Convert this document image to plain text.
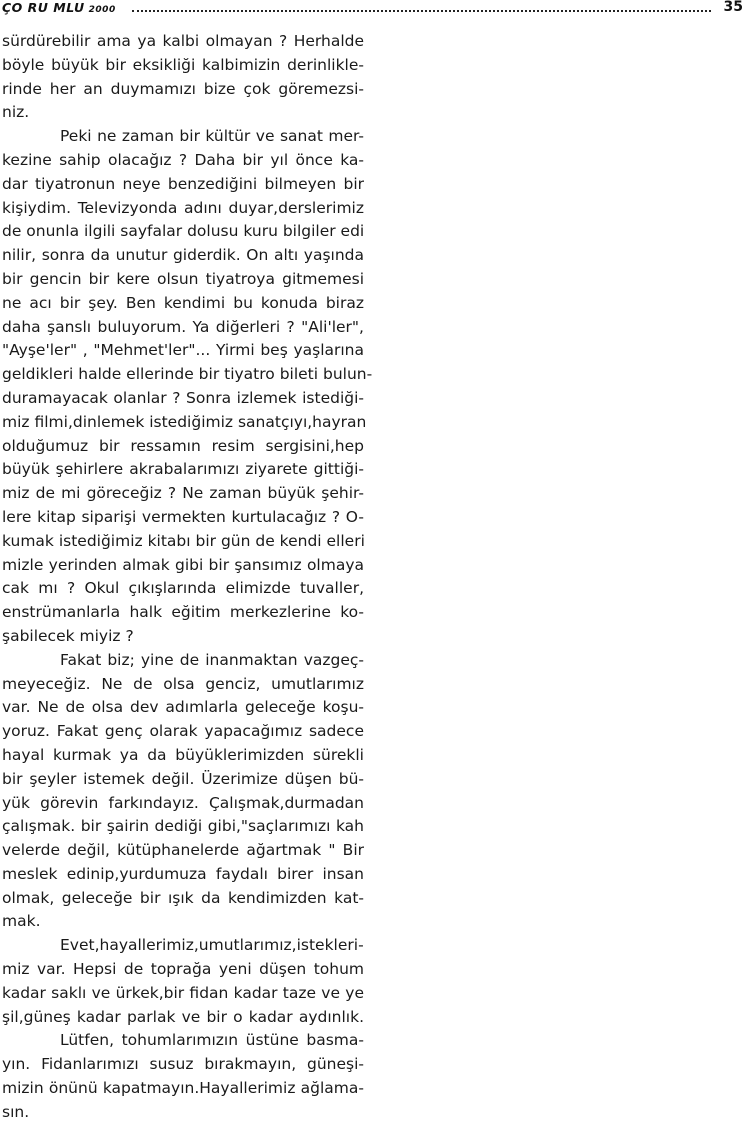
ÇO RU MLU 2000	35
sürdürebilir ama ya kalbi olmayan ? Herhalde
böyle büyük bir eksikliği kalbimizin derinlikle-
rinde her an duymamızı bize çok göremezsi-
niz.
Peki ne zaman bir kültür ve sanat mer-
kezine sahip olacağız ? Daha bir yıl önce ka-
dar tiyatronun neye benzediğini bilmeyen bir
kişiydim. Televizyonda adını duyar,derslerimiz
de onunla ilgili sayfalar dolusu kuru bilgiler edi
nilir, sonra da unutur giderdik. On altı yaşında
bir gencin bir kere olsun tiyatroya gitmemesi
ne acı bir şey. Ben kendimi bu konuda biraz
daha şanslı buluyorum. Ya diğerleri ? "Ali'ler",
"Ayşe'ler" , "Mehmet'ler"... Yirmi beş yaşlarına
geldikleri halde ellerinde bir tiyatro bileti bulun-
duramayacak olanlar ? Sonra izlemek istediği-
miz filmi,dinlemek istediğimiz sanatçıyı,hayran
olduğumuz bir ressamın resim sergisini,hep
büyük şehirlere akrabalarımızı ziyarete gittiği-
miz de mi göreceğiz ? Ne zaman büyük şehir-
lere kitap siparişi vermekten kurtulacağız ? O-
kumak istediğimiz kitabı bir gün de kendi elleri
mizle yerinden almak gibi bir şansımız olmaya
cak mı ? Okul çıkışlarında elimizde tuvaller,
enstrümanlarla halk eğitim merkezlerine ko-
şabilecek miyiz ?
Fakat biz; yine de inanmaktan vazgeç-
meyeceğiz. Ne de olsa genciz, umutlarımız
var. Ne de olsa dev adımlarla geleceğe koşu-
yoruz. Fakat genç olarak yapacağımız sadece
hayal kurmak ya da büyüklerimizden sürekli
bir şeyler istemek değil. Üzerimize düşen bü-
yük görevin farkındayız. Çalışmak,durmadan
çalışmak. bir şairin dediği gibi,"saçlarımızı kah
velerde değil, kütüphanelerde ağartmak " Bir
meslek edinip,yurdumuza faydalı birer insan
olmak, geleceğe bir ışık da kendimizden kat-
mak.
Evet,hayallerimiz,umutlarımız,istekleri-
miz var. Hepsi de toprağa yeni düşen tohum
kadar saklı ve ürkek,bir fidan kadar taze ve ye
şil,güneş kadar parlak ve bir o kadar aydınlık.
Lütfen, tohumlarımızın üstüne basma-
yın. Fidanlarımızı susuz bırakmayın, güneşi-
mizin önünü kapatmayın.Hayallerimiz ağlama-
sın.
